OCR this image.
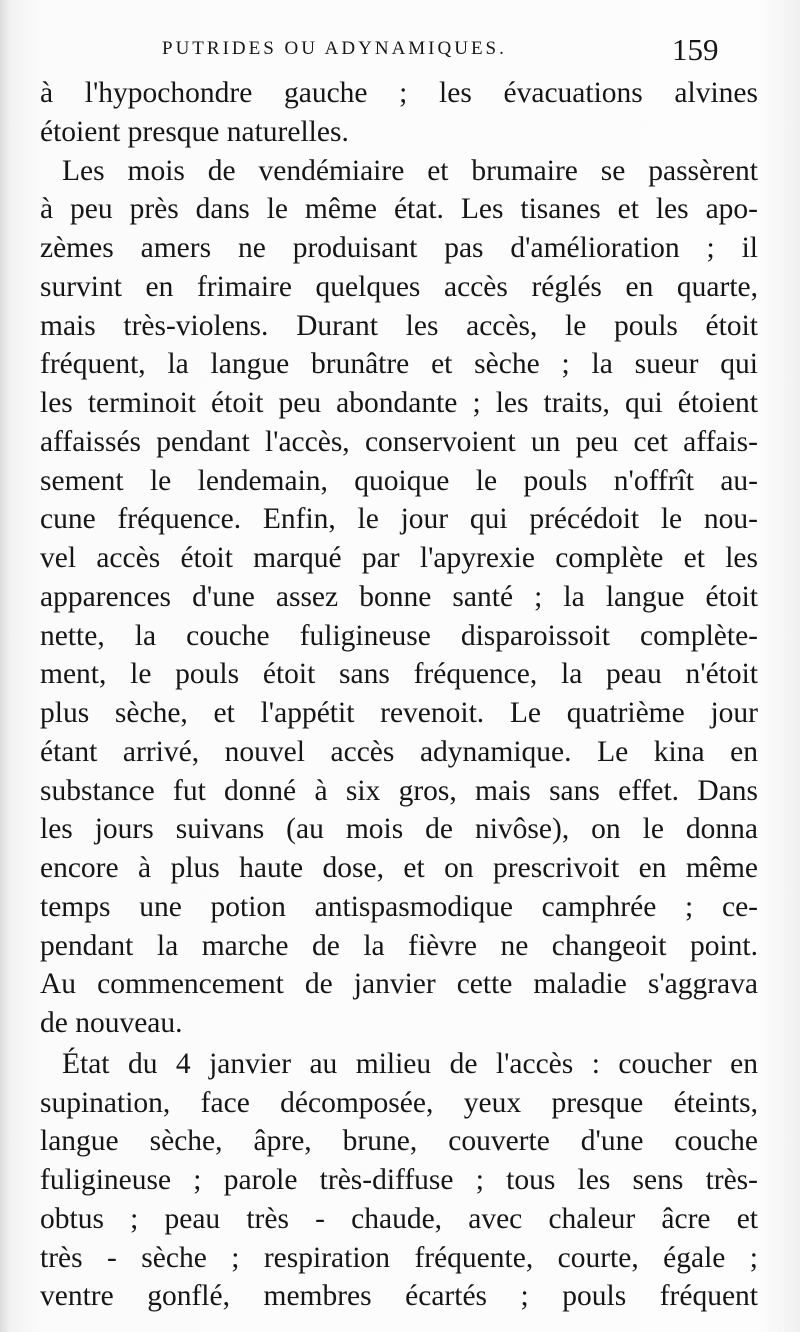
PUTRIDES OU ADYNAMIQUES.	159
à l'hypochondre gauche ; les évacuations alvines
étoient presque naturelles.
Les mois de vendémiaire et brumaire se passèrent
à peu près dans le même état. Les tisanes et les apo-
zèmes amers ne produisant pas d'amélioration ; il
survint en frimaire quelques accès réglés en quarte,
mais très-violens. Durant les accès, le pouls étoit
fréquent, la langue brunâtre et sèche ; la sueur qui
les terminoit étoit peu abondante ; les traits, qui étoient
affaissés pendant l'accès, conservoient un peu cet affais-
sement le lendemain, quoique le pouls n'offrît au-
cune fréquence. Enfin, le jour qui précédoit le nou-
vel accès étoit marqué par l'apyrexie complète et les
apparences d'une assez bonne santé ; la langue étoit
nette, la couche fuligineuse disparoissoit complète-
ment, le pouls étoit sans fréquence, la peau n'étoit
plus sèche, et l'appétit revenoit. Le quatrième jour
étant arrivé, nouvel accès adynamique. Le kina en
substance fut donné à six gros, mais sans effet. Dans
les jours suivans (au mois de nivôse), on le donna
encore à plus haute dose, et on prescrivoit en même
temps une potion antispasmodique camphrée ; ce-
pendant la marche de la fièvre ne changeoit point.
Au commencement de janvier cette maladie s'aggrava
de nouveau.
État du 4 janvier au milieu de l'accès : coucher en
supination, face décomposée, yeux presque éteints,
langue sèche, âpre, brune, couverte d'une couche
fuligineuse ; parole très-diffuse ; tous les sens très-
obtus ; peau très - chaude, avec chaleur âcre et
très - sèche ; respiration fréquente, courte, égale ;
ventre gonflé, membres écartés ; pouls fréquent
